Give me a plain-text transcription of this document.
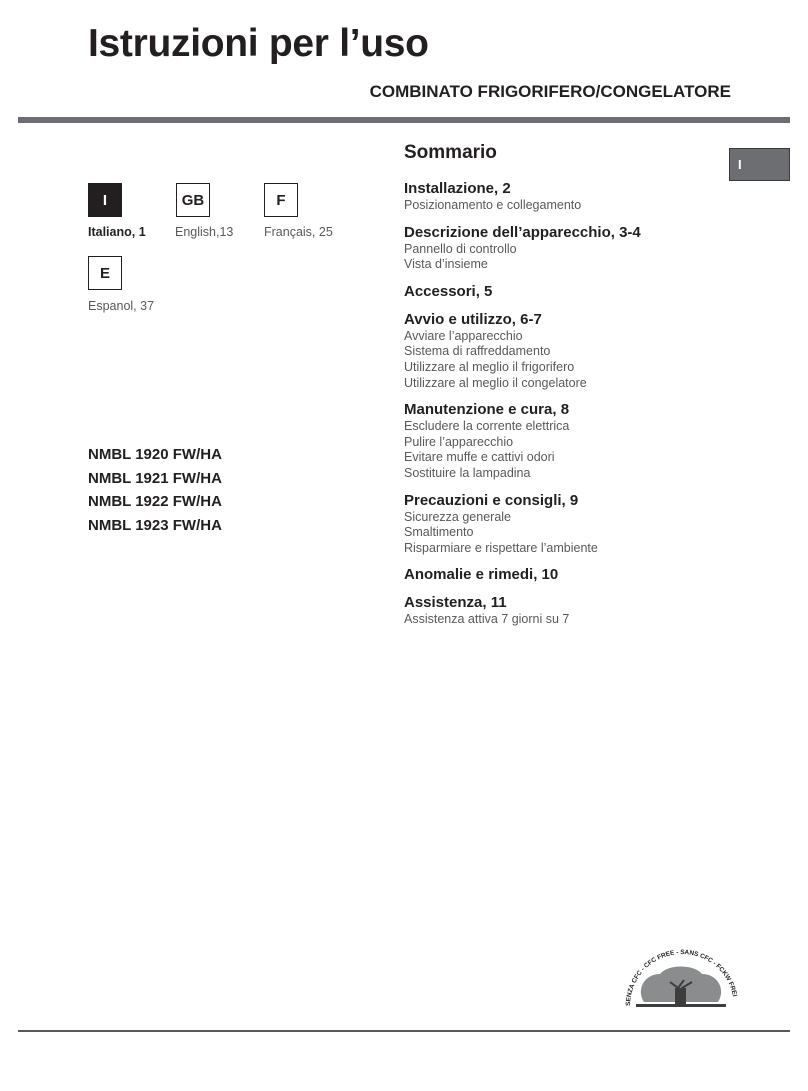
Istruzioni per l’uso
COMBINATO FRIGORIFERO/CONGELATORE
I
I
Italiano, 1
GB
English,13
F
Français, 25
E
Espanol, 37
NMBL 1920 FW/HA
NMBL 1921 FW/HA
NMBL 1922 FW/HA
NMBL 1923 FW/HA
Sommario
Installazione, 2
Posizionamento e collegamento
Descrizione dell’apparecchio, 3-4
Pannello di controllo
Vista d’insieme
Accessori, 5
Avvio e utilizzo, 6-7
Avviare l’apparecchio
Sistema di raffreddamento
Utilizzare al meglio il frigorifero
Utilizzare al meglio il congelatore
Manutenzione e cura, 8
Escludere la corrente elettrica
Pulire l’apparecchio
Evitare muffe e cattivi odori
Sostituire la lampadina
Precauzioni e consigli, 9
Sicurezza generale
Smaltimento
Risparmiare e rispettare l’ambiente
Anomalie e rimedi, 10
Assistenza, 11
Assistenza attiva 7 giorni su 7
SENZA CFC - CFC FREE - SANS CFC - FCKW FREI
